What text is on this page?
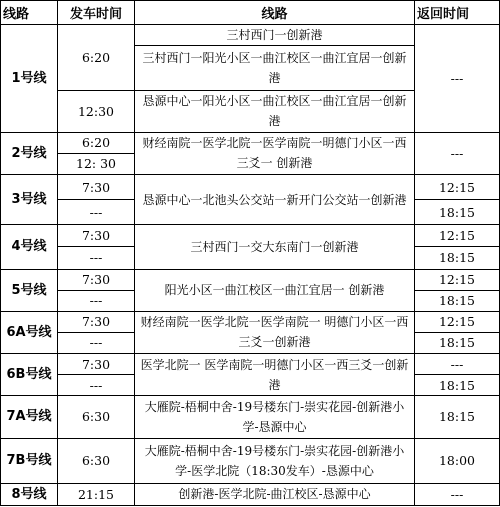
线路	发车时间	线路	返回时间
1号线	6:20	三村西门一创新港	---
		三村西门一阳光小区一曲江校区一曲江宜居一创新港	
	12:30	恳源中心一阳光小区一曲江校区一曲江宜居一创新港	
2号线	6:20	财经南院一医学北院一医学南院一明德门小区一西三爻一 创新港	---
	12: 30		
3号线	7:30	恳源中心一北池头公交站一新开门公交站一创新港	12:15
	---		18:15
4号线	7:30	三村西门一交大东南门一创新港	12:15
	---		18:15
5号线	7:30	阳光小区一曲江校区一曲江宜居一 创新港	12:15
	---		18:15
6A号线	7:30	财经南院一医学北院一医学南院一 明德门小区一西三爻一创新港	12:15
	---		18:15
6B号线	7:30	医学北院一 医学南院一明德门小区一西三爻一创新港	---
	---		18:15
7A号线	6:30	大雁院-梧桐中舍-19号楼东门-崇实花园-创新港小学-恳源中心	18:15
7B号线	6:30	大雁院-梧桐中舍-19号楼东门-崇实花园-创新港小学-医学北院（18:30发车）-恳源中心	18:00
8号线	21:15	创新港-医学北院-曲江校区-恳源中心	---
